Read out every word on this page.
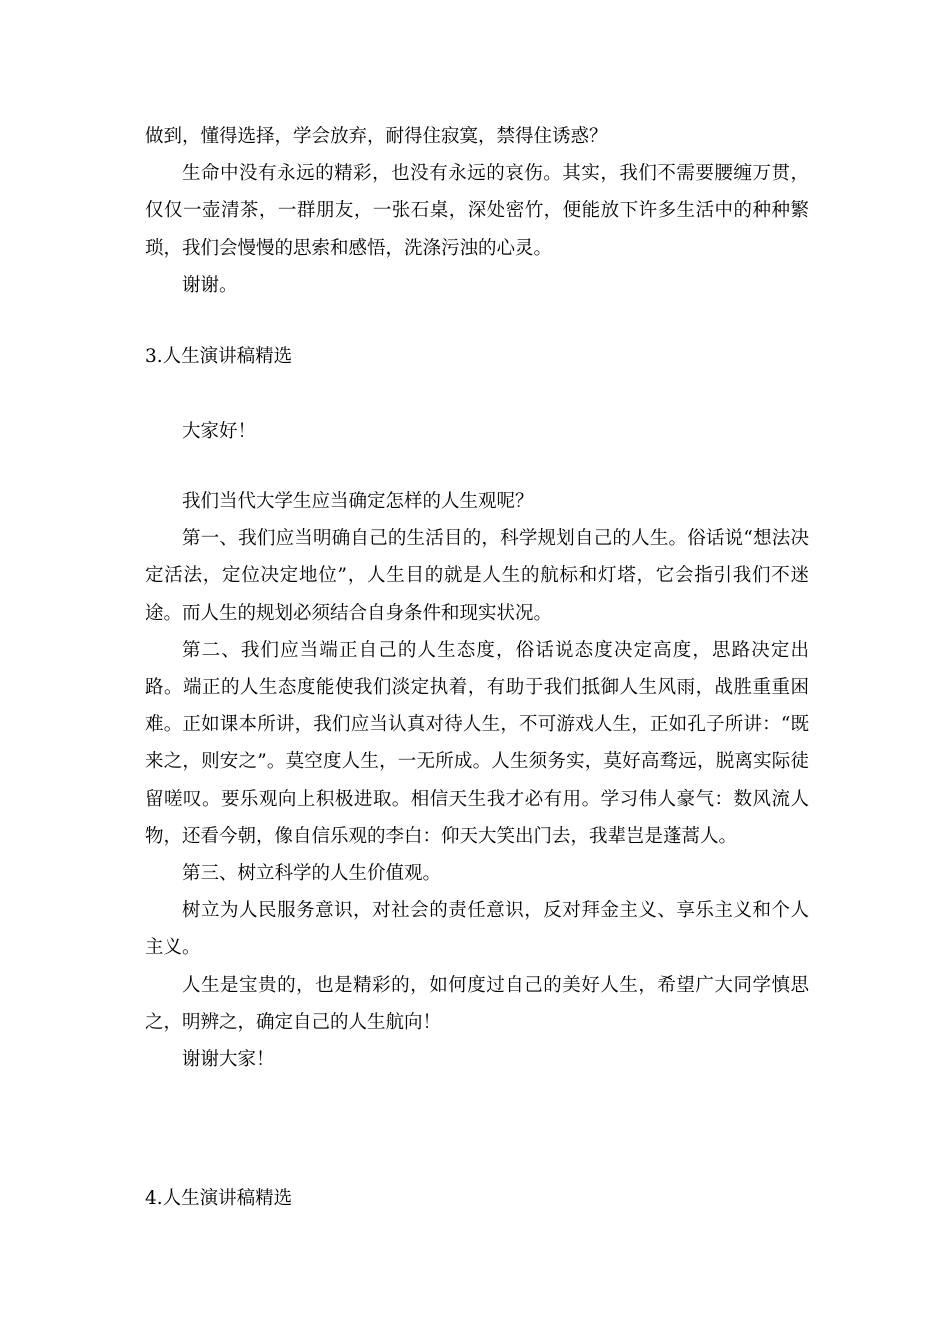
做到，懂得选择，学会放弃，耐得住寂寞，禁得住诱惑？

生命中没有永远的精彩，也没有永远的哀伤。其实，我们不需要腰缠万贯，仅仅一壶清茶，一群朋友，一张石桌，深处密竹，便能放下许多生活中的种种繁琐，我们会慢慢的思索和感悟，洗涤污浊的心灵。

谢谢。

3.人生演讲稿精选

大家好！

我们当代大学生应当确定怎样的人生观呢？

第一、我们应当明确自己的生活目的，科学规划自己的人生。俗话说“想法决定活法，定位决定地位”，人生目的就是人生的航标和灯塔，它会指引我们不迷途。而人生的规划必须结合自身条件和现实状况。

第二、我们应当端正自己的人生态度，俗话说态度决定高度，思路决定出路。端正的人生态度能使我们淡定执着，有助于我们抵御人生风雨，战胜重重困难。正如课本所讲，我们应当认真对待人生，不可游戏人生，正如孔子所讲：“既来之，则安之”。莫空度人生，一无所成。人生须务实，莫好高骛远，脱离实际徒留嗟叹。要乐观向上积极进取。相信天生我才必有用。学习伟人豪气：数风流人物，还看今朝，像自信乐观的李白：仰天大笑出门去，我辈岂是蓬蒿人。

第三、树立科学的人生价值观。

树立为人民服务意识，对社会的责任意识，反对拜金主义、享乐主义和个人主义。

人生是宝贵的，也是精彩的，如何度过自己的美好人生，希望广大同学慎思之，明辨之，确定自己的人生航向！

谢谢大家！

4.人生演讲稿精选
